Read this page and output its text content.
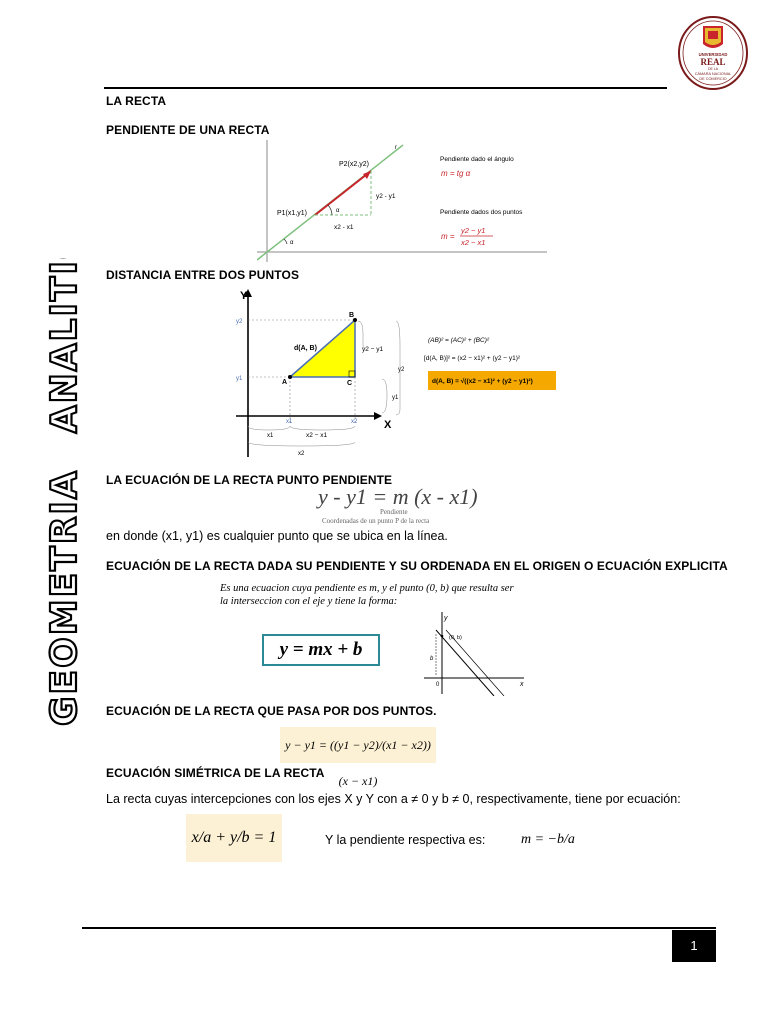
UNIVERSIDAD
REAL
DE LA
CÁMARA NACIONAL
DE COMERCIO
GEOMETRIAANALITICA
LA RECTA
PENDIENTE DE UNA RECTA
P1(x1,y1)
P2(x2,y2)
r
α
α
y2 - y1
x2 - x1
Pendiente dado el ángulo
m = tg α
Pendiente dados dos puntos
m =
y2 − y1
x2 − x1
DISTANCIA ENTRE DOS PUNTOS
Y
X
A
B
C
d(A, B)
y2
y1
x1	x2
y2 − y1
x2 − x1
x1
x2
y1
y2
(AB)² = (AC)² + (BC)²
[d(A, B)]² = (x2 − x1)² + (y2 − y1)²
d(A, B) = √((x2 − x1)² + (y2 − y1)²)
LA ECUACIÓN DE LA RECTA PUNTO PENDIENTE
y - y1 = m (x - x1)
Pendiente
Coordenadas de un punto P de la recta
en donde (x1, y1) es cualquier punto que se ubica en la línea.
ECUACIÓN DE LA RECTA DADA SU PENDIENTE Y SU ORDENADA EN EL ORIGEN O ECUACIÓN EXPLICITA
Es una ecuacion cuya pendiente es m, y el punto (0, b) que resulta ser
la interseccion con el eje y tiene la forma:
y = mx + b
y
x
0
(0, b)
b
ECUACIÓN DE LA RECTA QUE PASA POR DOS PUNTOS.
y − y1 = ((y1 − y2)/(x1 − x2)) (x − x1)
ECUACIÓN SIMÉTRICA DE LA RECTA
La recta cuyas intercepciones con los ejes X y Y con a ≠ 0 y b ≠ 0, respectivamente, tiene por ecuación:
x/a + y/b = 1	Y la pendiente respectiva es:	m = −b/a
1
